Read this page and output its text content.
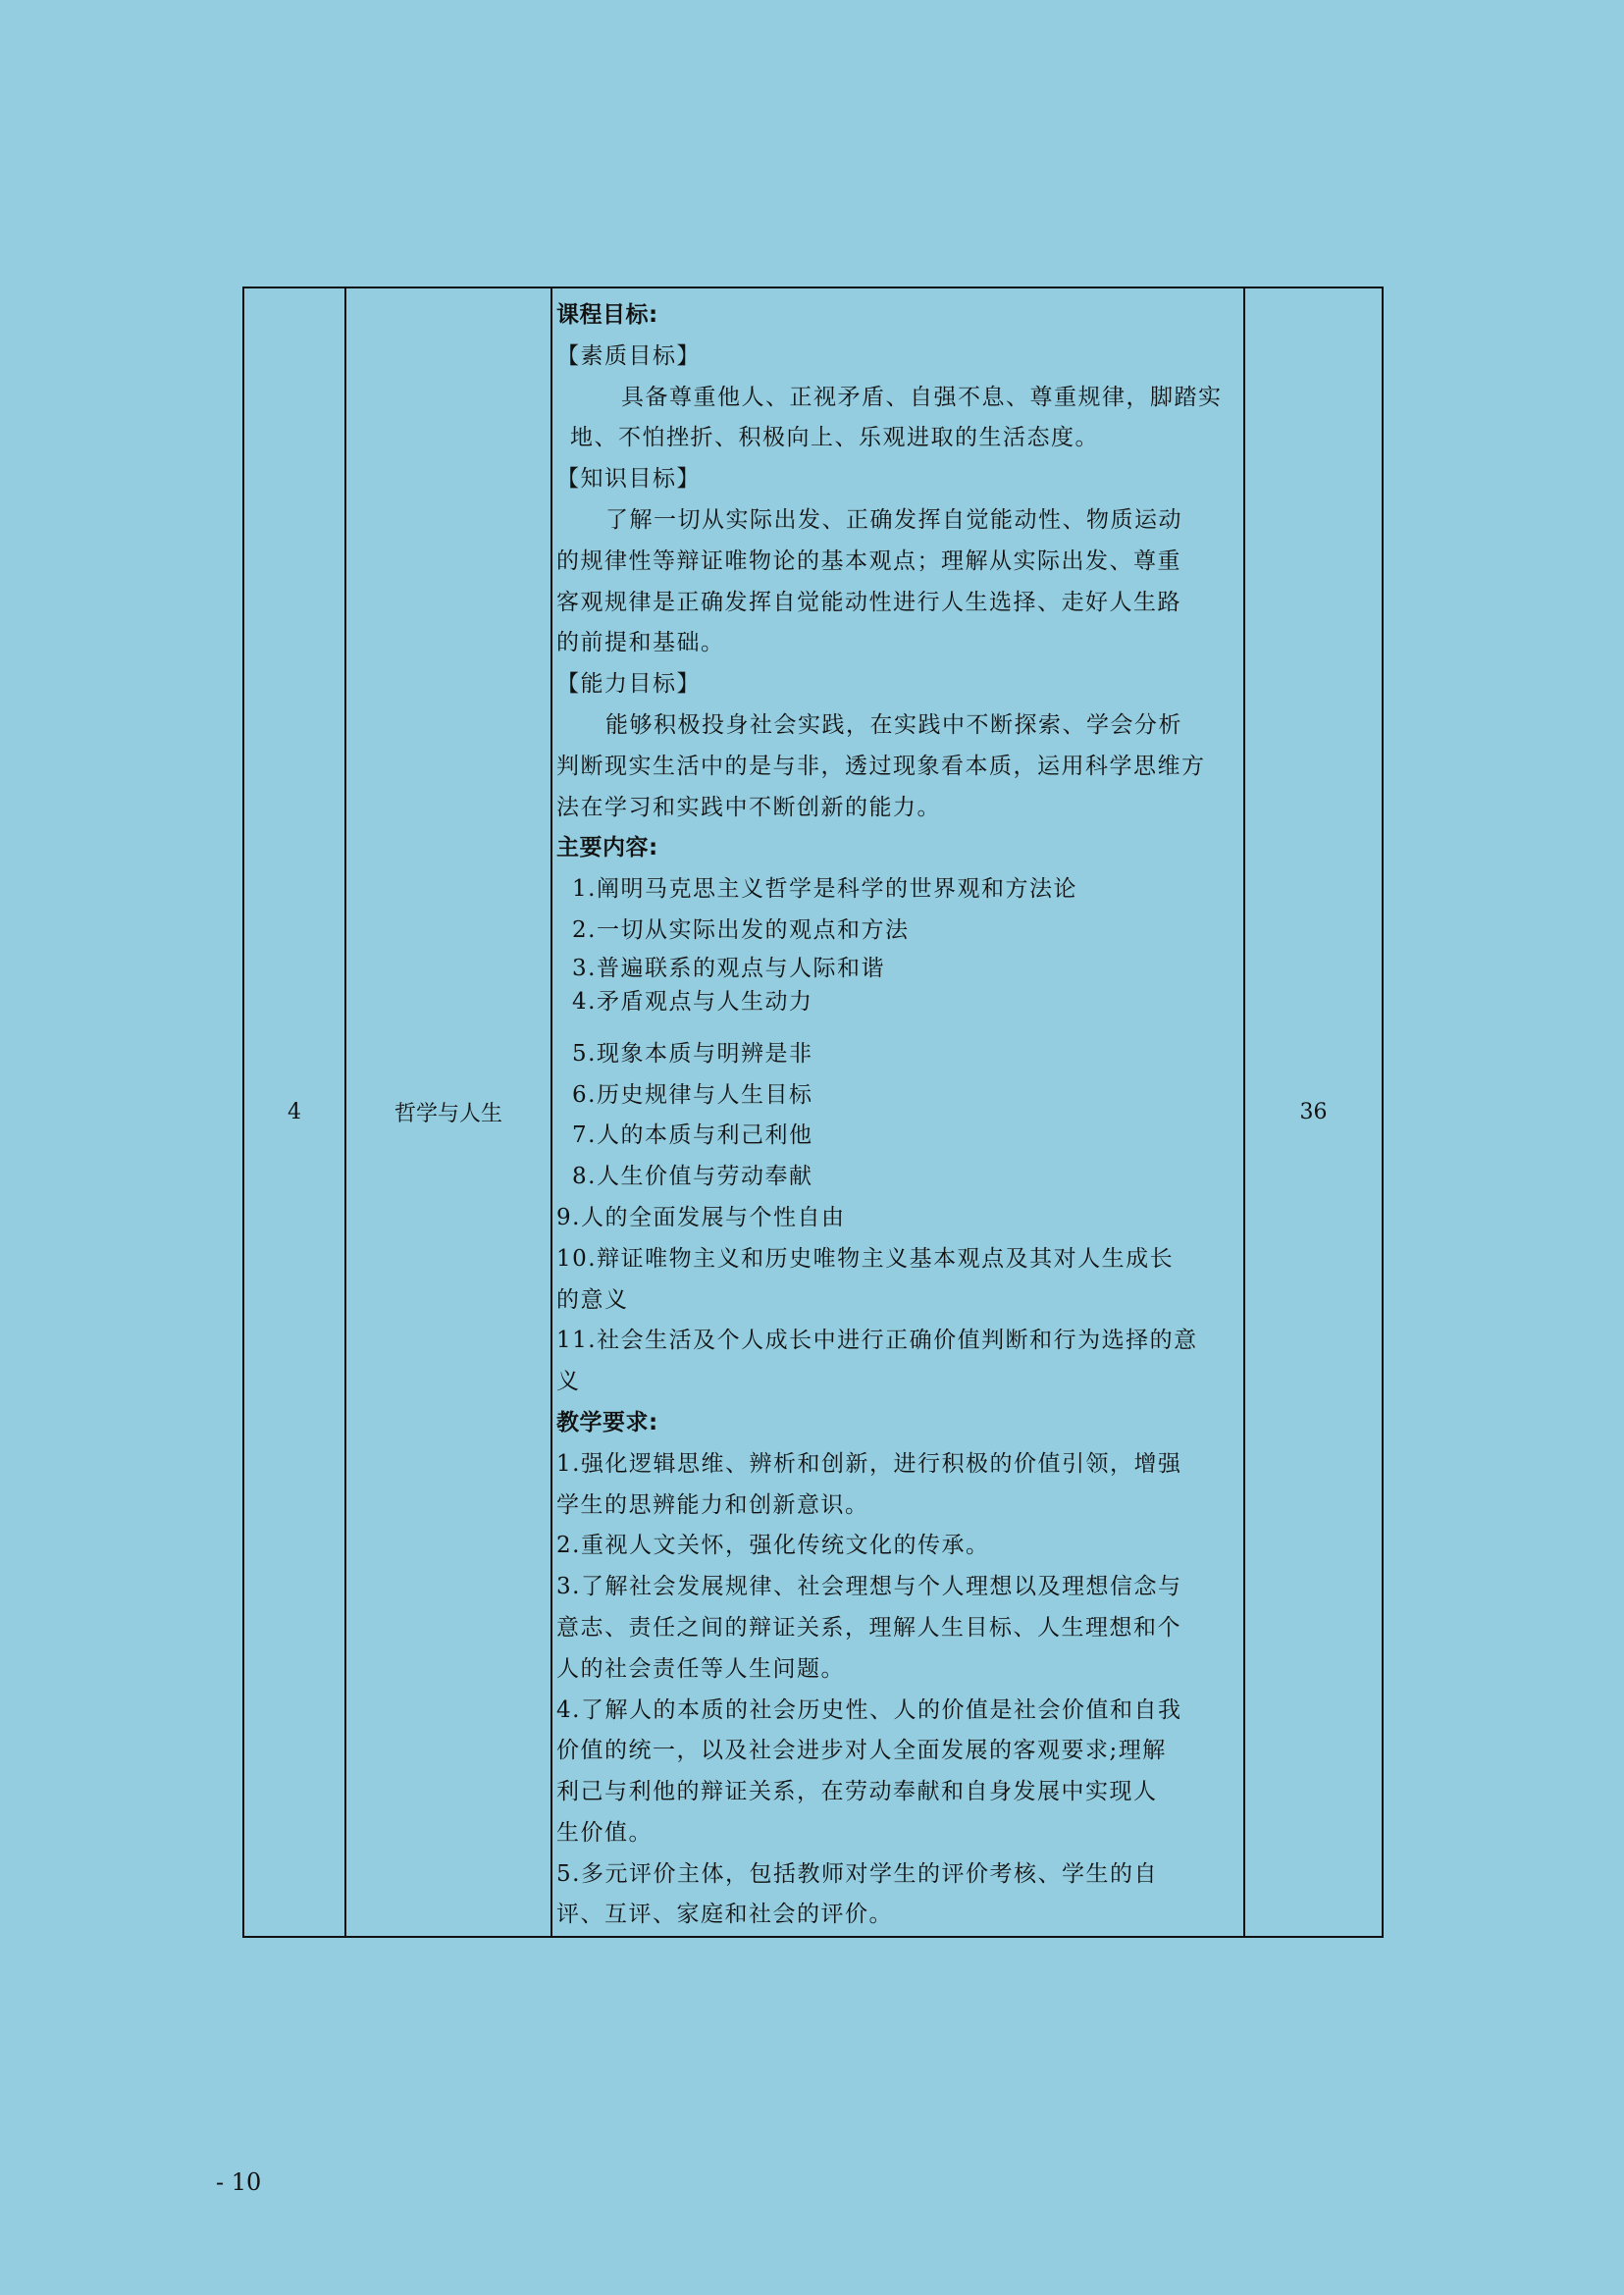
4	哲学与人生	
课程目标:
【素质目标】
具备尊重他人、正视矛盾、自强不息、尊重规律，脚踏实
地、不怕挫折、积极向上、乐观进取的生活态度。
【知识目标】
了解一切从实际出发、正确发挥自觉能动性、物质运动
的规律性等辩证唯物论的基本观点；理解从实际出发、尊重
客观规律是正确发挥自觉能动性进行人生选择、走好人生路
的前提和基础。
【能力目标】
能够积极投身社会实践，在实践中不断探索、学会分析
判断现实生活中的是与非，透过现象看本质，运用科学思维方
法在学习和实践中不断创新的能力。
主要内容:
1.阐明马克思主义哲学是科学的世界观和方法论
2.一切从实际出发的观点和方法
3.普遍联系的观点与人际和谐
4.矛盾观点与人生动力
5.现象本质与明辨是非
6.历史规律与人生目标
7.人的本质与利己利他
8.人生价值与劳动奉献
9.人的全面发展与个性自由
10.辩证唯物主义和历史唯物主义基本观点及其对人生成长
的意义
11.社会生活及个人成长中进行正确价值判断和行为选择的意
义
教学要求:
1.强化逻辑思维、辨析和创新，进行积极的价值引领，增强
学生的思辨能力和创新意识。
2.重视人文关怀，强化传统文化的传承。
3.了解社会发展规律、社会理想与个人理想以及理想信念与
意志、责任之间的辩证关系，理解人生目标、人生理想和个
人的社会责任等人生问题。
4.了解人的本质的社会历史性、人的价值是社会价值和自我
价值的统一，以及社会进步对人全面发展的客观要求;理解
利己与利他的辩证关系，在劳动奉献和自身发展中实现人
生价值。
5.多元评价主体，包括教师对学生的评价考核、学生的自
评、互评、家庭和社会的评价。
	36
- 10
